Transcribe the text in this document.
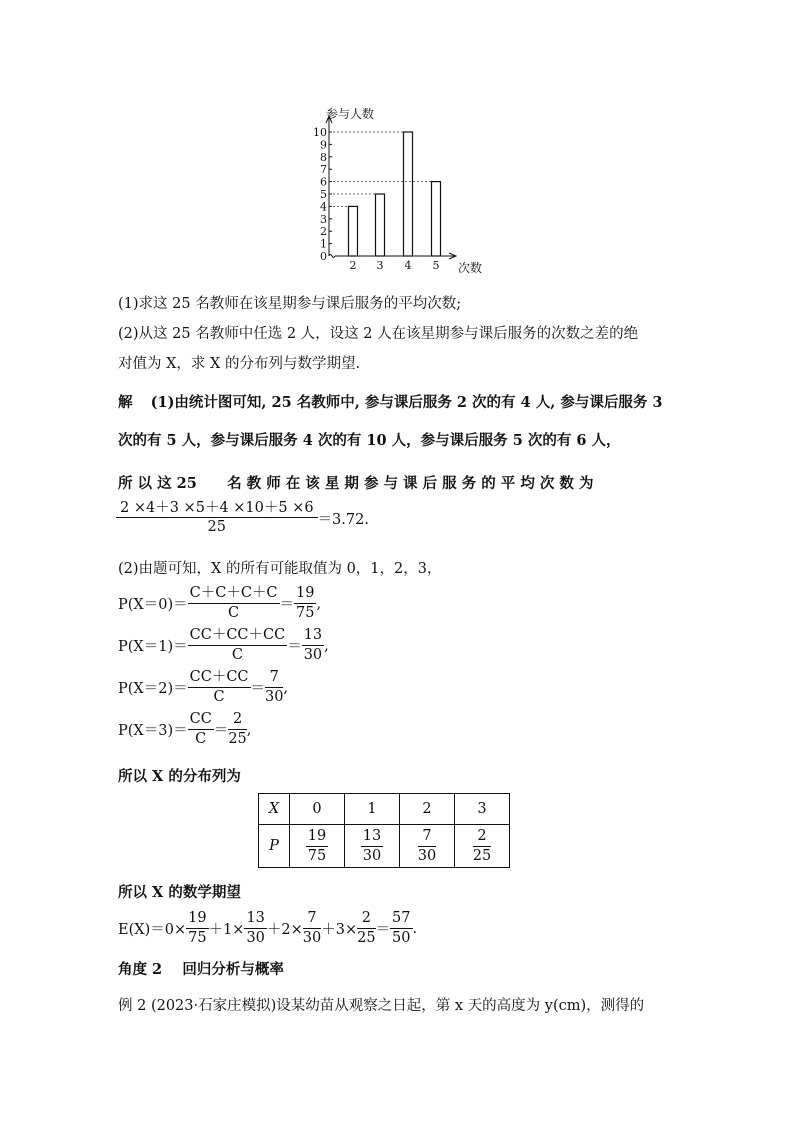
0
1
2
3
4
5
6
7
8
9
10
2 3 4 5
参与人数
次数
(1)求这 25 名教师在该星期参与课后服务的平均次数;
(2)从这 25 名教师中任选 2 人，设这 2 人在该星期参与课后服务的次数之差的绝
对值为 X，求 X 的分布列与数学期望.
解 (1)由统计图可知, 25 名教师中, 参与课后服务 2 次的有 4 人, 参与课后服务 3
次的有 5 人，参与课后服务 4 次的有 10 人，参与课后服务 5 次的有 6 人，
所 以 这 25      名 教 师 在 该 星 期 参 与 课 后 服 务 的 平 均 次 数 为
$\frac{2 \times 4+3 \times 5+4 \times 10+5 \times 6}{25} =3.72$.
(2)由题可知，X 的所有可能取值为 0，1，2，3，
$P(X=0)= \frac{C+C+C+C}{C} = \frac{19}{75}$ ,
$P(X=1)= \frac{CC+CC+CC}{C} = \frac{13}{30}$ ,
$P(X=2)= \frac{CC+CC}{C} = \frac{7}{30}$ ,
$P(X=3)= \frac{CC}{C} = \frac{2}{25}$ ,
所以 X 的分布列为
X	0	1	2	3
P	$\frac{19}{75}$	$\frac{13}{30}$	$\frac{7}{30}$	$\frac{2}{25}$
所以 X 的数学期望
$E(X)=0\times \frac{19}{75} +1\times \frac{13}{30} +2\times \frac{7}{30} +3\times \frac{2}{25} = \frac{57}{50}$ .
角度 2    回归分析与概率
例 2 (2023·石家庄模拟)设某幼苗从观察之日起，第 x 天的高度为 y(cm)，测得的
